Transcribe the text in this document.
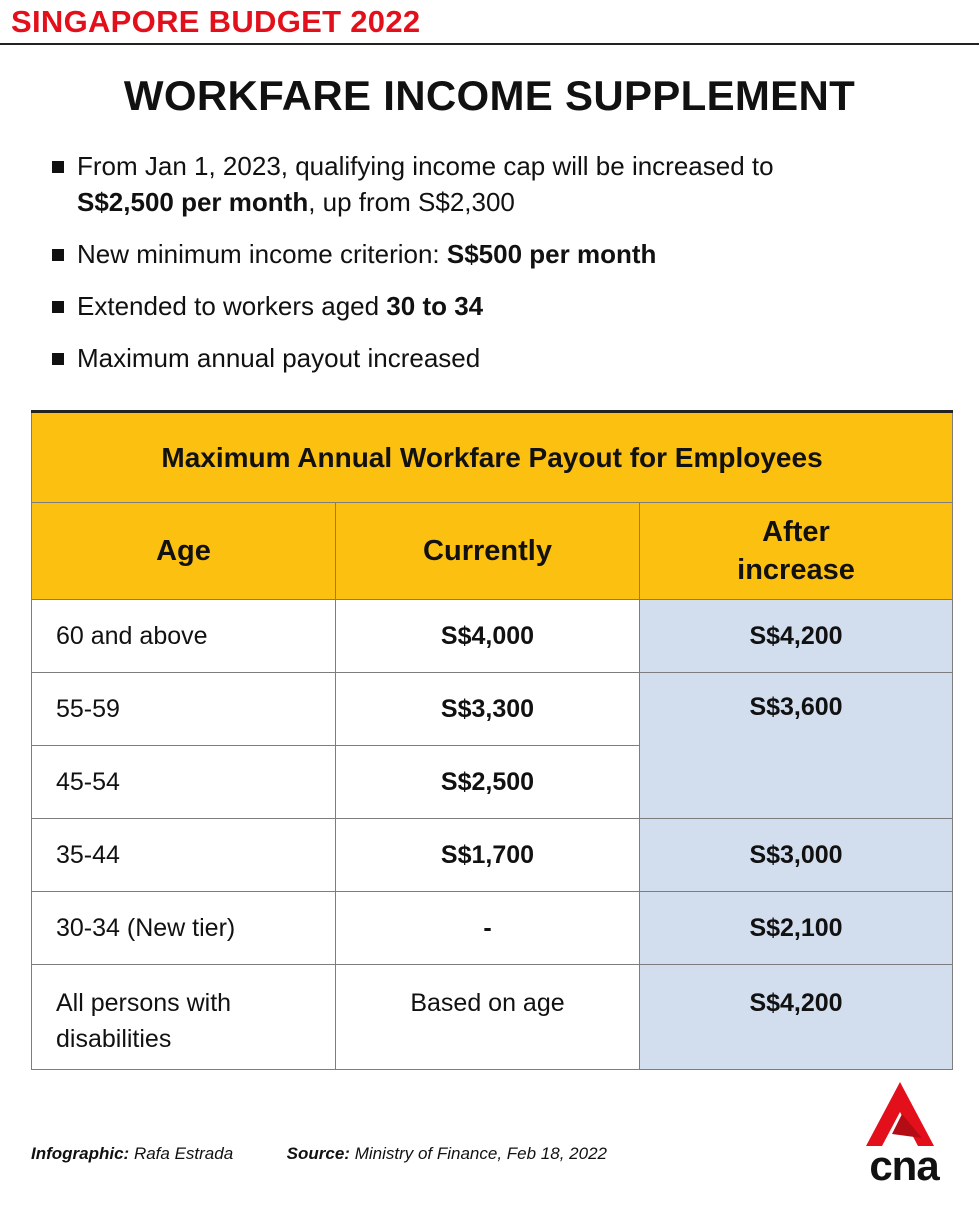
SINGAPORE BUDGET 2022
WORKFARE INCOME SUPPLEMENT
From Jan 1, 2023, qualifying income cap will be increased to
S$2,500 per month, up from S$2,300
New minimum income criterion: S$500 per month
Extended to workers aged 30 to 34
Maximum annual payout increased
Maximum Annual Workfare Payout for Employees		
Age	Currently	After increase
60 and above	S$4,000	S$4,200
55-59	S$3,300	S$3,600
45-54	S$2,500	
35-44	S$1,700	S$3,000
30-34 (New tier)	-	S$2,100
All persons with disabilities	Based on age	S$4,200
Infographic: Rafa Estrada	Source: Ministry of Finance, Feb 18, 2022	cna
